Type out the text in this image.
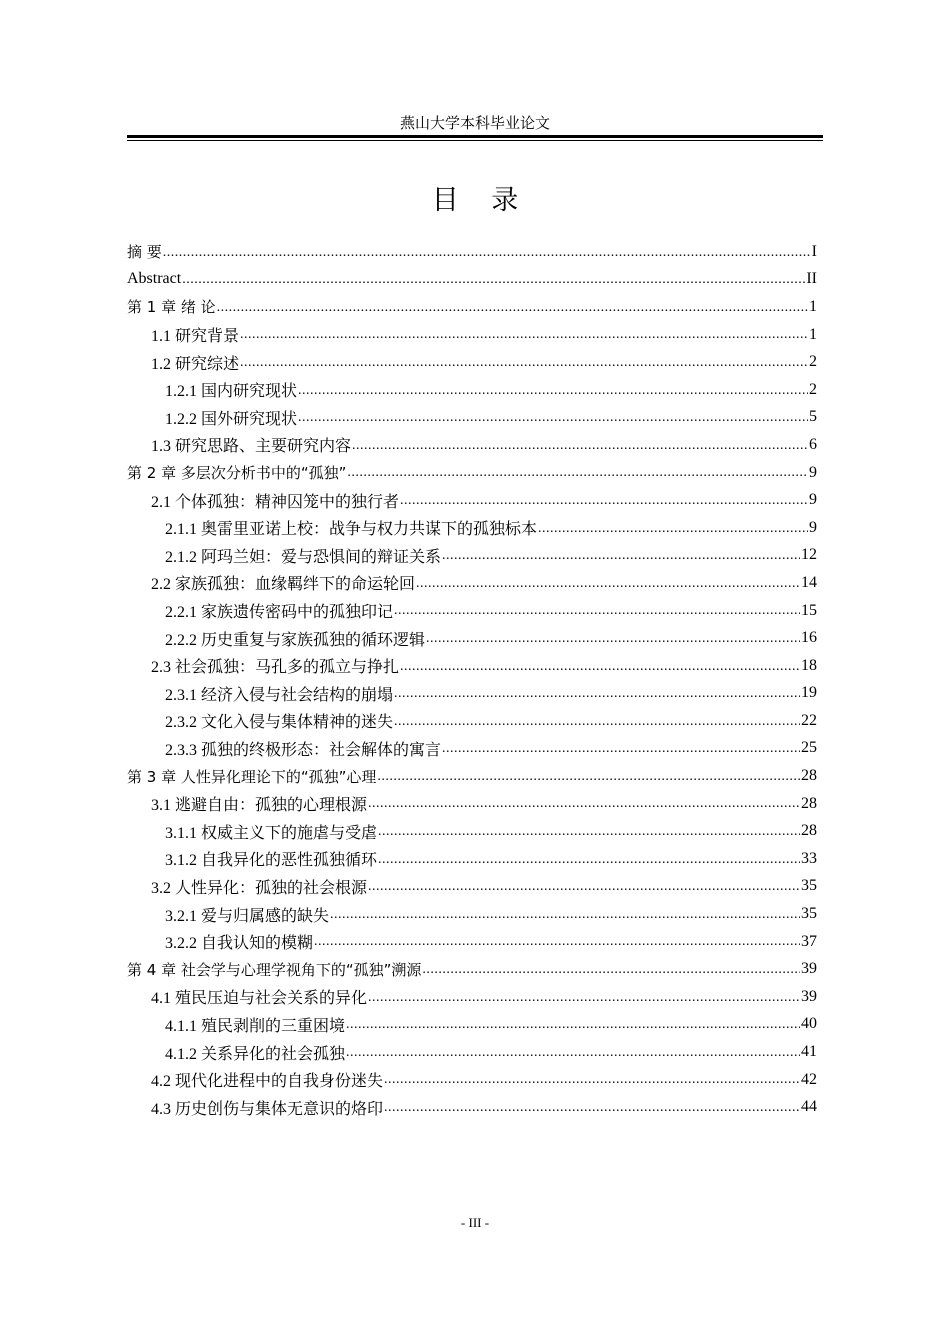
燕山大学本科毕业论文
目 录
摘 要 .....	I
Abstract .....	II
第 1 章 绪 论 .....	1
1.1 研究背景 .....	1
1.2 研究综述 .....	2
1.2.1 国内研究现状 .....	2
1.2.2 国外研究现状 .....	5
1.3 研究思路、主要研究内容 .....	6
第 2 章 多层次分析书中的“孤独” .....	9
2.1 个体孤独：精神囚笼中的独行者 .....	9
2.1.1 奥雷里亚诺上校：战争与权力共谋下的孤独标本 .....	9
2.1.2 阿玛兰妲：爱与恐惧间的辩证关系 .....	12
2.2 家族孤独：血缘羁绊下的命运轮回 .....	14
2.2.1 家族遗传密码中的孤独印记 .....	15
2.2.2 历史重复与家族孤独的循环逻辑 .....	16
2.3 社会孤独：马孔多的孤立与挣扎 .....	18
2.3.1 经济入侵与社会结构的崩塌 .....	19
2.3.2 文化入侵与集体精神的迷失 .....	22
2.3.3 孤独的终极形态：社会解体的寓言 .....	25
第 3 章 人性异化理论下的“孤独”心理 .....	28
3.1 逃避自由：孤独的心理根源 .....	28
3.1.1 权威主义下的施虐与受虐 .....	28
3.1.2 自我异化的恶性孤独循环 .....	33
3.2 人性异化：孤独的社会根源 .....	35
3.2.1 爱与归属感的缺失 .....	35
3.2.2 自我认知的模糊 .....	37
第 4 章 社会学与心理学视角下的“孤独”溯源 .....	39
4.1 殖民压迫与社会关系的异化 .....	39
4.1.1 殖民剥削的三重困境 .....	40
4.1.2 关系异化的社会孤独 .....	41
4.2 现代化进程中的自我身份迷失 .....	42
4.3 历史创伤与集体无意识的烙印 .....	44
- III -
